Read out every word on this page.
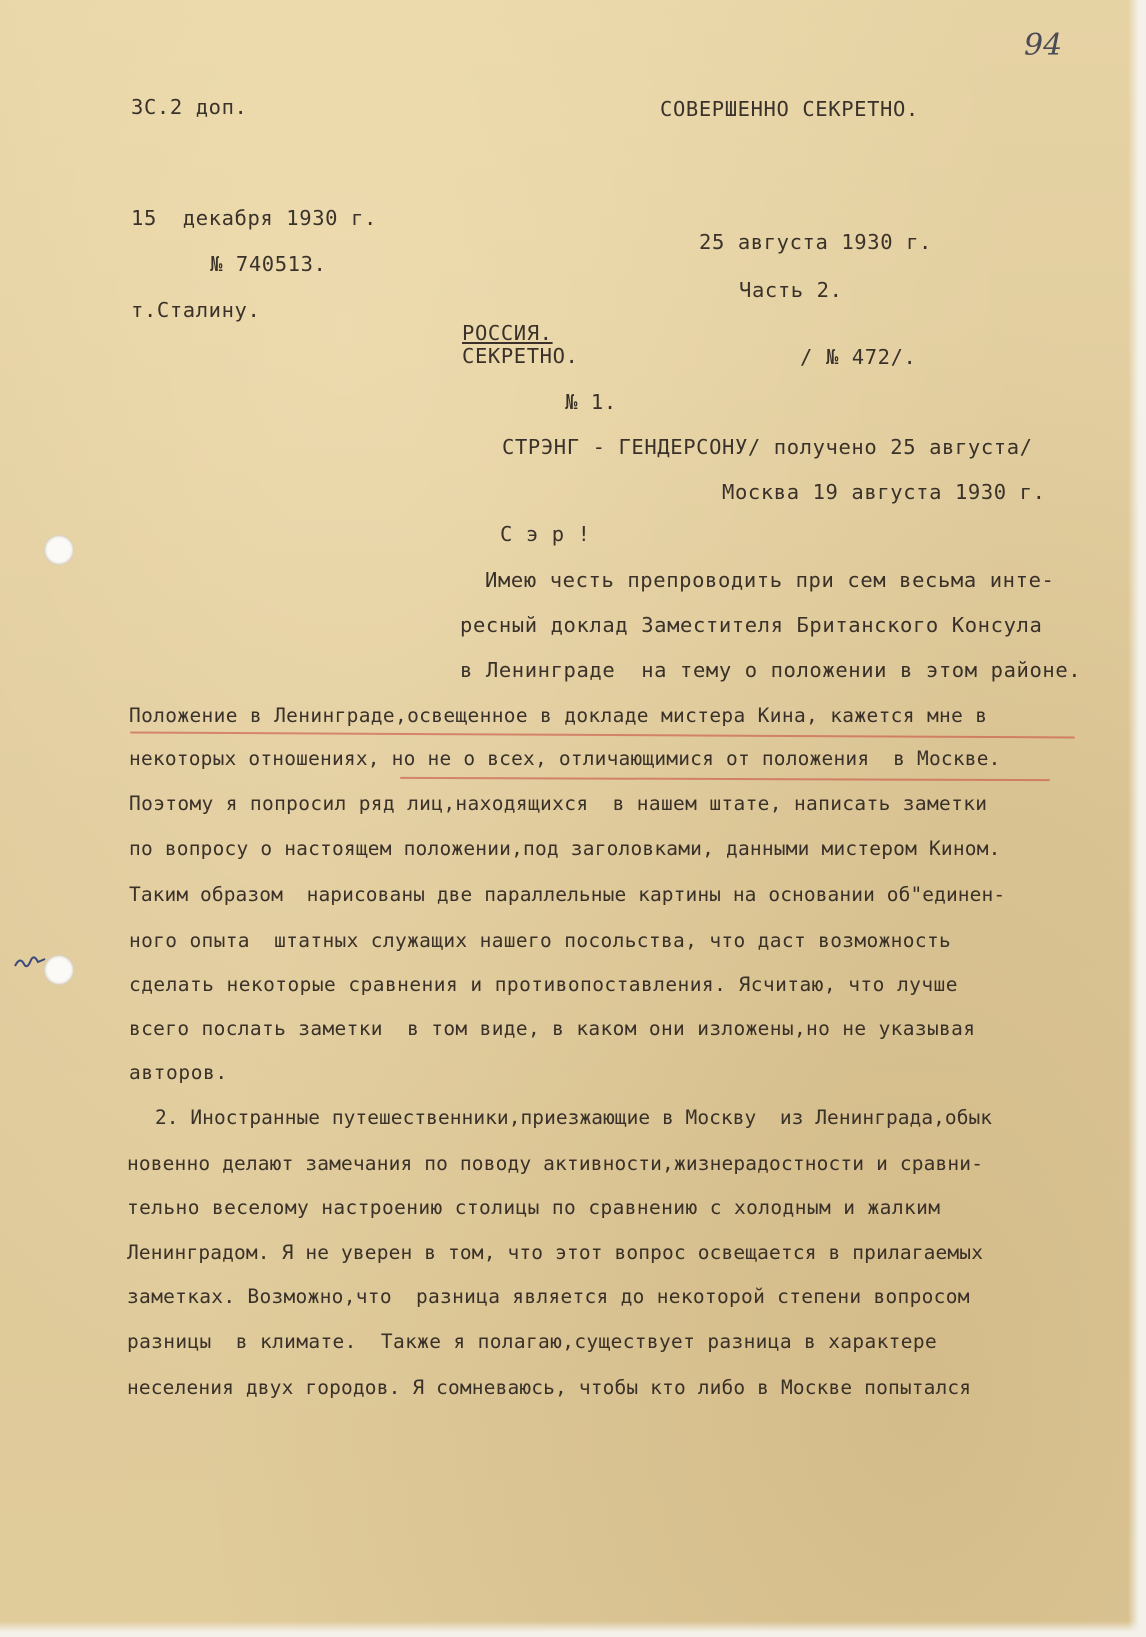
94
3С.2 доп.	СОВЕРШЕННО СЕКРЕТНО.
15  декабря 1930 г.
№ 740513.
т.Сталину.
25 августа 1930 г.
Часть 2.
РОССИЯ.
СЕКРЕТНО.	/ № 472/.
№ 1.
СТРЭНГ - ГЕНДЕРСОНУ/ получено 25 августа/
Москва 19 августа 1930 г.
С э р !
Имею честь препроводить при сем весьма инте-
ресный доклад Заместителя Британского Консула
в Ленинграде  на тему о положении в этом районе.
Положение в Ленинграде,освещенное в докладе мистера Кина, кажется мне в
некоторых отношениях, но не о всех, отличающимися от положения  в Москве.
Поэтому я попросил ряд лиц,находящихся  в нашем штате, написать заметки
по вопросу о настоящем положении,под заголовками, данными мистером Кином.
Таким образом  нарисованы две параллельные картины на основании об"единен-
ного опыта  штатных служащих нашего посольства, что даст возможность
сделать некоторые сравнения и противопоставления. Ясчитаю, что лучше
всего послать заметки  в том виде, в каком они изложены,но не указывая
авторов.
2. Иностранные путешественники,приезжающие в Москву  из Ленинграда,обык
новенно делают замечания по поводу активности,жизнерадостности и сравни-
тельно веселому настроению столицы по сравнению с холодным и жалким
Ленинградом. Я не уверен в том, что этот вопрос освещается в прилагаемых
заметках. Возможно,что  разница является до некоторой степени вопросом
разницы  в климате.  Также я полагаю,существует разница в характере
неселения двух городов. Я сомневаюсь, чтобы кто либо в Москве попытался
